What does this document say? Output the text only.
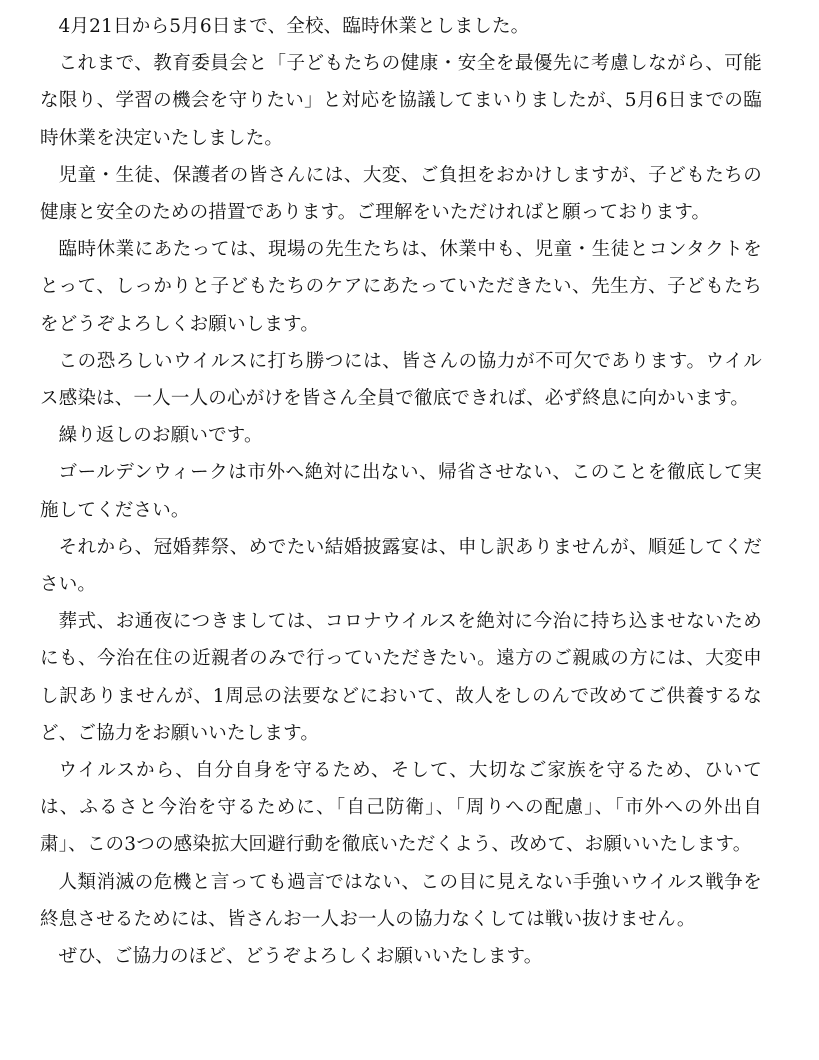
4月21日から5月6日まで、全校、臨時休業としました。

これまで、教育委員会と「子どもたちの健康・安全を最優先に考慮しながら、可能な限り、学習の機会を守りたい」と対応を協議してまいりましたが、5月6日までの臨時休業を決定いたしました。

児童・生徒、保護者の皆さんには、大変、ご負担をおかけしますが、子どもたちの健康と安全のための措置であります。ご理解をいただければと願っております。

臨時休業にあたっては、現場の先生たちは、休業中も、児童・生徒とコンタクトをとって、しっかりと子どもたちのケアにあたっていただきたい、先生方、子どもたちをどうぞよろしくお願いします。

この恐ろしいウイルスに打ち勝つには、皆さんの協力が不可欠であります。ウイルス感染は、一人一人の心がけを皆さん全員で徹底できれば、必ず終息に向かいます。

繰り返しのお願いです。

ゴールデンウィークは市外へ絶対に出ない、帰省させない、このことを徹底して実施してください。

それから、冠婚葬祭、めでたい結婚披露宴は、申し訳ありませんが、順延してください。

葬式、お通夜につきましては、コロナウイルスを絶対に今治に持ち込ませないためにも、今治在住の近親者のみで行っていただきたい。遠方のご親戚の方には、大変申し訳ありませんが、1周忌の法要などにおいて、故人をしのんで改めてご供養するなど、ご協力をお願いいたします。

ウイルスから、自分自身を守るため、そして、大切なご家族を守るため、ひいては、ふるさと今治を守るために、「自己防衛」、「周りへの配慮」、「市外への外出自粛」、この3つの感染拡大回避行動を徹底いただくよう、改めて、お願いいたします。

人類消滅の危機と言っても過言ではない、この目に見えない手強いウイルス戦争を終息させるためには、皆さんお一人お一人の協力なくしては戦い抜けません。

ぜひ、ご協力のほど、どうぞよろしくお願いいたします。
